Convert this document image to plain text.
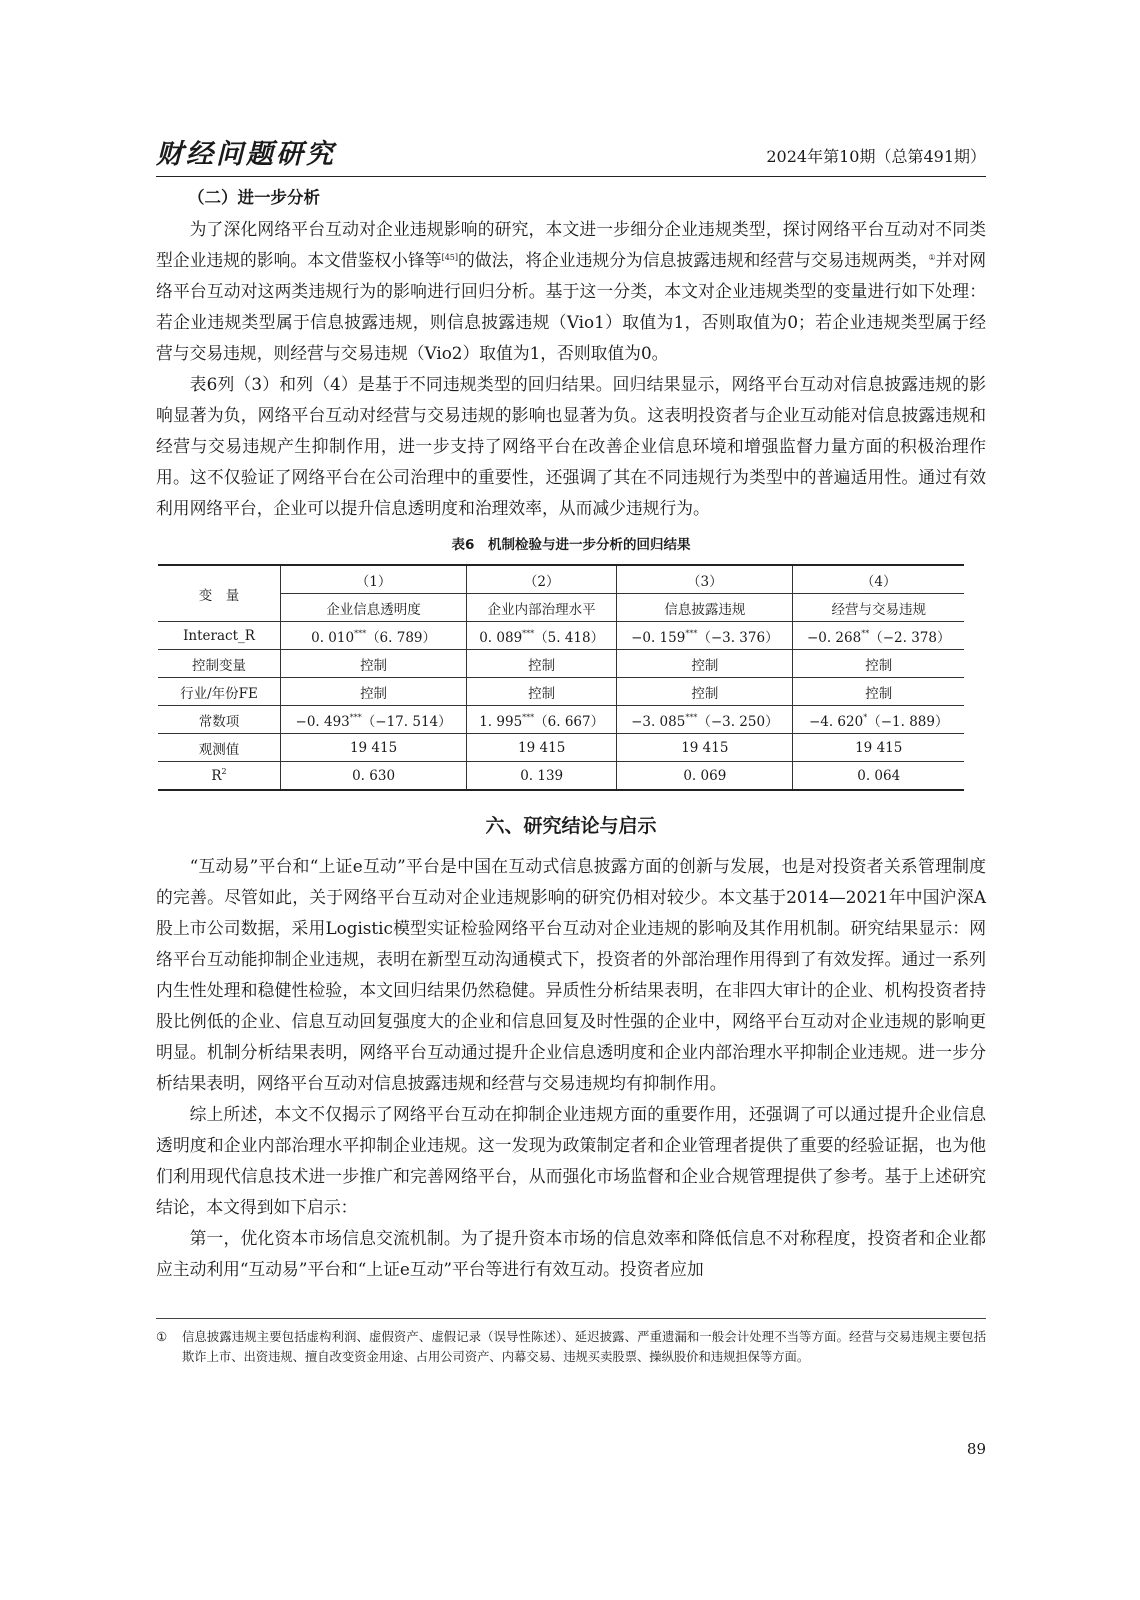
财经问题研究	2024年第10期（总第491期）
（二）进一步分析

为了深化网络平台互动对企业违规影响的研究，本文进一步细分企业违规类型，探讨网络平台互动对不同类型企业违规的影响。本文借鉴权小锋等[45]的做法，将企业违规分为信息披露违规和经营与交易违规两类，①并对网络平台互动对这两类违规行为的影响进行回归分析。基于这一分类，本文对企业违规类型的变量进行如下处理：若企业违规类型属于信息披露违规，则信息披露违规（Vio1）取值为1，否则取值为0；若企业违规类型属于经营与交易违规，则经营与交易违规（Vio2）取值为1，否则取值为0。

表6列（3）和列（4）是基于不同违规类型的回归结果。回归结果显示，网络平台互动对信息披露违规的影响显著为负，网络平台互动对经营与交易违规的影响也显著为负。这表明投资者与企业互动能对信息披露违规和经营与交易违规产生抑制作用，进一步支持了网络平台在改善企业信息环境和增强监督力量方面的积极治理作用。这不仅验证了网络平台在公司治理中的重要性，还强调了其在不同违规行为类型中的普遍适用性。通过有效利用网络平台，企业可以提升信息透明度和治理效率，从而减少违规行为。

表6　机制检验与进一步分析的回归结果
变　量	（1）	（2）	（3）	（4）
	企业信息透明度	企业内部治理水平	信息披露违规	经营与交易违规
Interact_R	0. 010***（6. 789）	0. 089***（5. 418）	−0. 159***（−3. 376）	−0. 268**（−2. 378）
控制变量	控制	控制	控制	控制
行业/年份FE	控制	控制	控制	控制
常数项	−0. 493***（−17. 514）	1. 995***（6. 667）	−3. 085***（−3. 250）	−4. 620*（−1. 889）
观测值	19 415	19 415	19 415	19 415
$R^2$	0. 630	0. 139	0. 069	0. 064
六、研究结论与启示

“互动易”平台和“上证e互动”平台是中国在互动式信息披露方面的创新与发展，也是对投资者关系管理制度的完善。尽管如此，关于网络平台互动对企业违规影响的研究仍相对较少。本文基于2014—2021年中国沪深A股上市公司数据，采用Logistic模型实证检验网络平台互动对企业违规的影响及其作用机制。研究结果显示：网络平台互动能抑制企业违规，表明在新型互动沟通模式下，投资者的外部治理作用得到了有效发挥。通过一系列内生性处理和稳健性检验，本文回归结果仍然稳健。异质性分析结果表明，在非四大审计的企业、机构投资者持股比例低的企业、信息互动回复强度大的企业和信息回复及时性强的企业中，网络平台互动对企业违规的影响更明显。机制分析结果表明，网络平台互动通过提升企业信息透明度和企业内部治理水平抑制企业违规。进一步分析结果表明，网络平台互动对信息披露违规和经营与交易违规均有抑制作用。

综上所述，本文不仅揭示了网络平台互动在抑制企业违规方面的重要作用，还强调了可以通过提升企业信息透明度和企业内部治理水平抑制企业违规。这一发现为政策制定者和企业管理者提供了重要的经验证据，也为他们利用现代信息技术进一步推广和完善网络平台，从而强化市场监督和企业合规管理提供了参考。基于上述研究结论，本文得到如下启示：

第一，优化资本市场信息交流机制。为了提升资本市场的信息效率和降低信息不对称程度，投资者和企业都应主动利用“互动易”平台和“上证e互动”平台等进行有效互动。投资者应加

①	信息披露违规主要包括虚构利润、虚假资产、虚假记录（误导性陈述）、延迟披露、严重遗漏和一般会计处理不当等方面。经营与交易违规主要包括欺诈上市、出资违规、擅自改变资金用途、占用公司资产、内幕交易、违规买卖股票、操纵股价和违规担保等方面。
89
